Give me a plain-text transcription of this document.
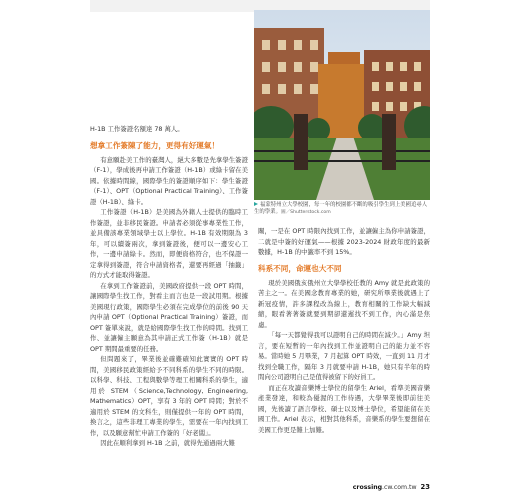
福蒙特州立大學校園，每一年的校園都不斷的吸引學生到上美國追尋人生的學業。圖／Shutterstock.com

H-1B 工作簽證名額達 78 萬人。

想拿工作簽陳了能力，更得有好運氣！

有意願赴美工作的臺灣人，絕大多數是先拿學生簽證（F-1），學成後再申請工作簽證（H-1B）或綠卡留在美國。依據時間線，國際學生的簽證順序如下：學生簽證（F-1）、OPT（Optional Practical Training）、工作簽證（H-1B）、綠卡。

工作簽證（H-1B）是美國為外籍人士提供的臨時工作簽證，並非移民簽證。申請者必須從事專業性工作，並具備該專業領域學士以上學位。H-1B 有效期限為 3 年，可以續簽兩次，拿到簽證後，便可以一邊安心工作，一邊申請綠卡。然而，即便資格符合，也不保證一定拿得到簽證，符合申請資格者，還要再經過「抽籤」的方式才能取得簽證。

在拿到工作簽證前，美國政府提供一段 OPT 時間，讓國際學生找工作，對看主而言也是一段試用期。根據美國現行政策，國際學生必須在完成學位的前後 90 天內申請 OPT（Optional Practical Training）簽證，而 OPT 簽單來說，就是給國際學生找工作的時間。找到工作、並讓僱主願意為其申請正式工作簽（H-1B）就是 OPT 期間最重要的任務。

但問題來了，畢業後並確難確知此實實的 OPT 時間，美國移民政策經給予不同科系的學生不同的時限。以科學、科技、工程與數學等理工相關科系的學生，適用於 STEM（Science,Technology, Engineering, Mathematics）OPT，享有 3 年的 OPT 時間；對於不適用於 STEM 的文科生，則僅提供一年的 OPT 時間，換言之，這些非理工專業的學生，需要在一年內找到工作，以及願意幫忙申請工作簽的「好老闆」。

因此在順利拿到 H-1B 之前，就得先通過兩大難

關，一是在 OPT 時限內找到工作，並讓僱主為你申請簽證，二就是中簽的好運氣——根據 2023-2024 財政年度的最新數據，H-1B 的中籤率不到 15%。

科系不同，命運也大不同

現於美國俄亥俄州立大學學校任教的 Amy 就是此政策的苦主之一。在美國念教育專業的她，研究所畢業後就遇上了新冠疫情，許多課程改為線上，教育相關的工作缺大幅減縮，眼看著著簽就要到期卻還遲找不到工作，內心滿是焦慮。

「每一天都覺得我可以證明自己的時間在減少。」Amy 坦言，要在短暫的一年內找到工作並證明自己的能力並不容易。當時她 5 月畢業，7 月起算 OPT 時效，一直到 11 月才找到全職工作，隔年 3 月就要申請 H-1B，她只有半年的時間向公司證明自己是值得被留下的好員工。

而正在攻讀音樂博士學位的留學生 Ariel，看準美國音樂產業發達，和較為優渥的工作待遇，大學畢業後即前往美國，先後讀了語言學校、碩士以及博士學位，希望能留在美國工作。Ariel 表示，相對其他科系，音樂系的學生要想留在美國工作更是難上加難。

crossing.cw.com.tw 23
